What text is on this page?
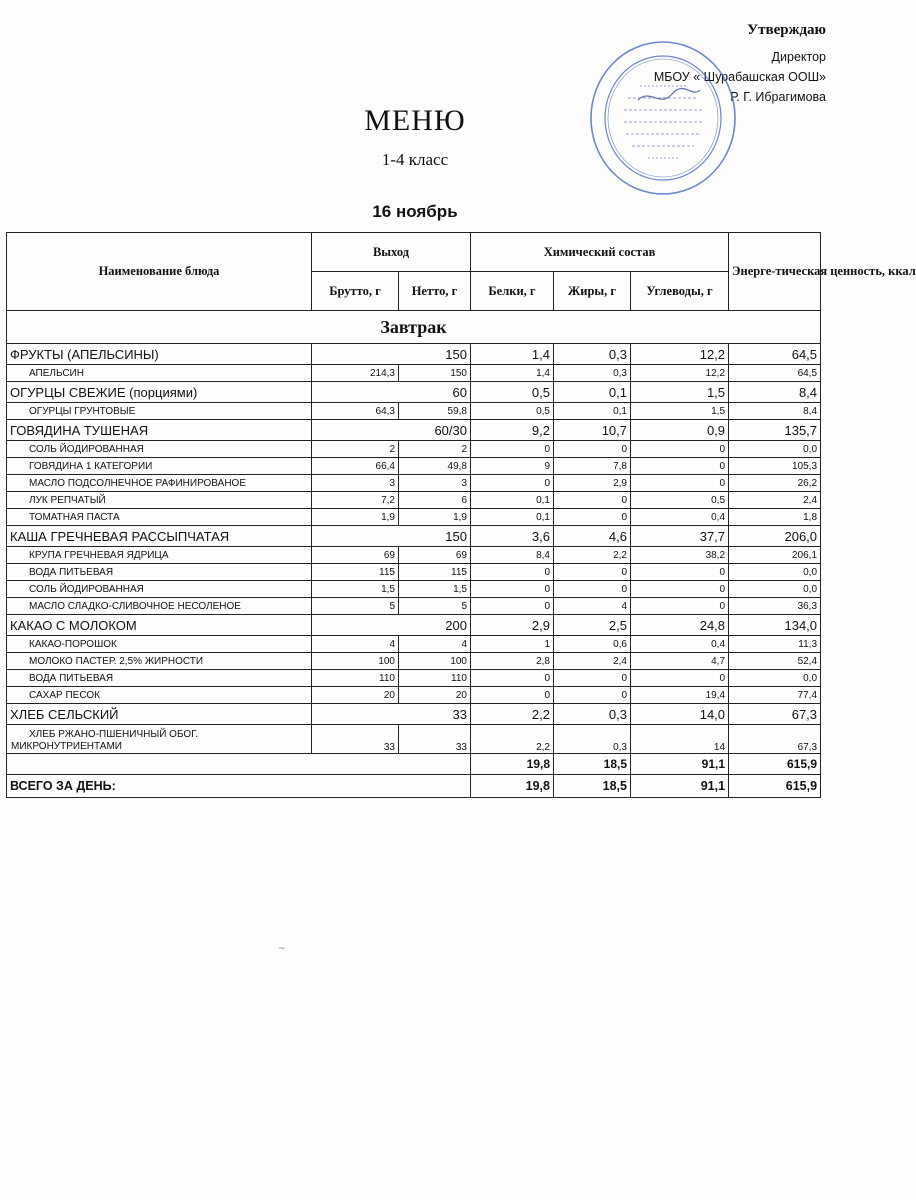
Утверждаю
Директор
МБОУ « Шурабашская ООШ»
Р. Г. Ибрагимова
МЕНЮ
1-4 класс
16 ноябрь
Наименование блюда	Выход		Химический состав			Энерге-тическая ценность, ккал
	Брутто, г	Нетто, г	Белки, г	Жиры, г	Углеводы, г	
Завтрак						
ФРУКТЫ (АПЕЛЬСИНЫ)	150		1,4	0,3	12,2	64,5
АПЕЛЬСИН	214,3	150	1,4	0,3	12,2	64,5
ОГУРЦЫ СВЕЖИЕ (порциями)	60		0,5	0,1	1,5	8,4
ОГУРЦЫ ГРУНТОВЫЕ	64,3	59,8	0,5	0,1	1,5	8,4
ГОВЯДИНА ТУШЕНАЯ	60/30		9,2	10,7	0,9	135,7
СОЛЬ ЙОДИРОВАННАЯ	2	2	0	0	0	0,0
ГОВЯДИНА 1 КАТЕГОРИИ	66,4	49,8	9	7,8	0	105,3
МАСЛО ПОДСОЛНЕЧНОЕ РАФИНИРОВАНОЕ	3	3	0	2,9	0	26,2
ЛУК РЕПЧАТЫЙ	7,2	6	0,1	0	0,5	2,4
ТОМАТНАЯ ПАСТА	1,9	1,9	0,1	0	0,4	1,8
КАША ГРЕЧНЕВАЯ РАССЫПЧАТАЯ	150		3,6	4,6	37,7	206,0
КРУПА ГРЕЧНЕВАЯ ЯДРИЦА	69	69	8,4	2,2	38,2	206,1
ВОДА ПИТЬЕВАЯ	115	115	0	0	0	0,0
СОЛЬ ЙОДИРОВАННАЯ	1,5	1,5	0	0	0	0,0
МАСЛО СЛАДКО-СЛИВОЧНОЕ НЕСОЛЕНОЕ	5	5	0	4	0	36,3
КАКАО С МОЛОКОМ	200		2,9	2,5	24,8	134,0
КАКАО-ПОРОШОК	4	4	1	0,6	0,4	11,3
МОЛОКО ПАСТЕР. 2,5% ЖИРНОСТИ	100	100	2,8	2,4	4,7	52,4
ВОДА ПИТЬЕВАЯ	110	110	0	0	0	0,0
САХАР ПЕСОК	20	20	0	0	19,4	77,4
ХЛЕБ СЕЛЬСКИЙ	33		2,2	0,3	14,0	67,3
ХЛЕБ РЖАНО-ПШЕНИЧНЫЙ ОБОГ. МИКРОНУТРИЕНТАМИ	33	33	2,2	0,3	14	67,3
			19,8	18,5	91,1	615,9
ВСЕГО ЗА ДЕНЬ:			19,8	18,5	91,1	615,9
~
